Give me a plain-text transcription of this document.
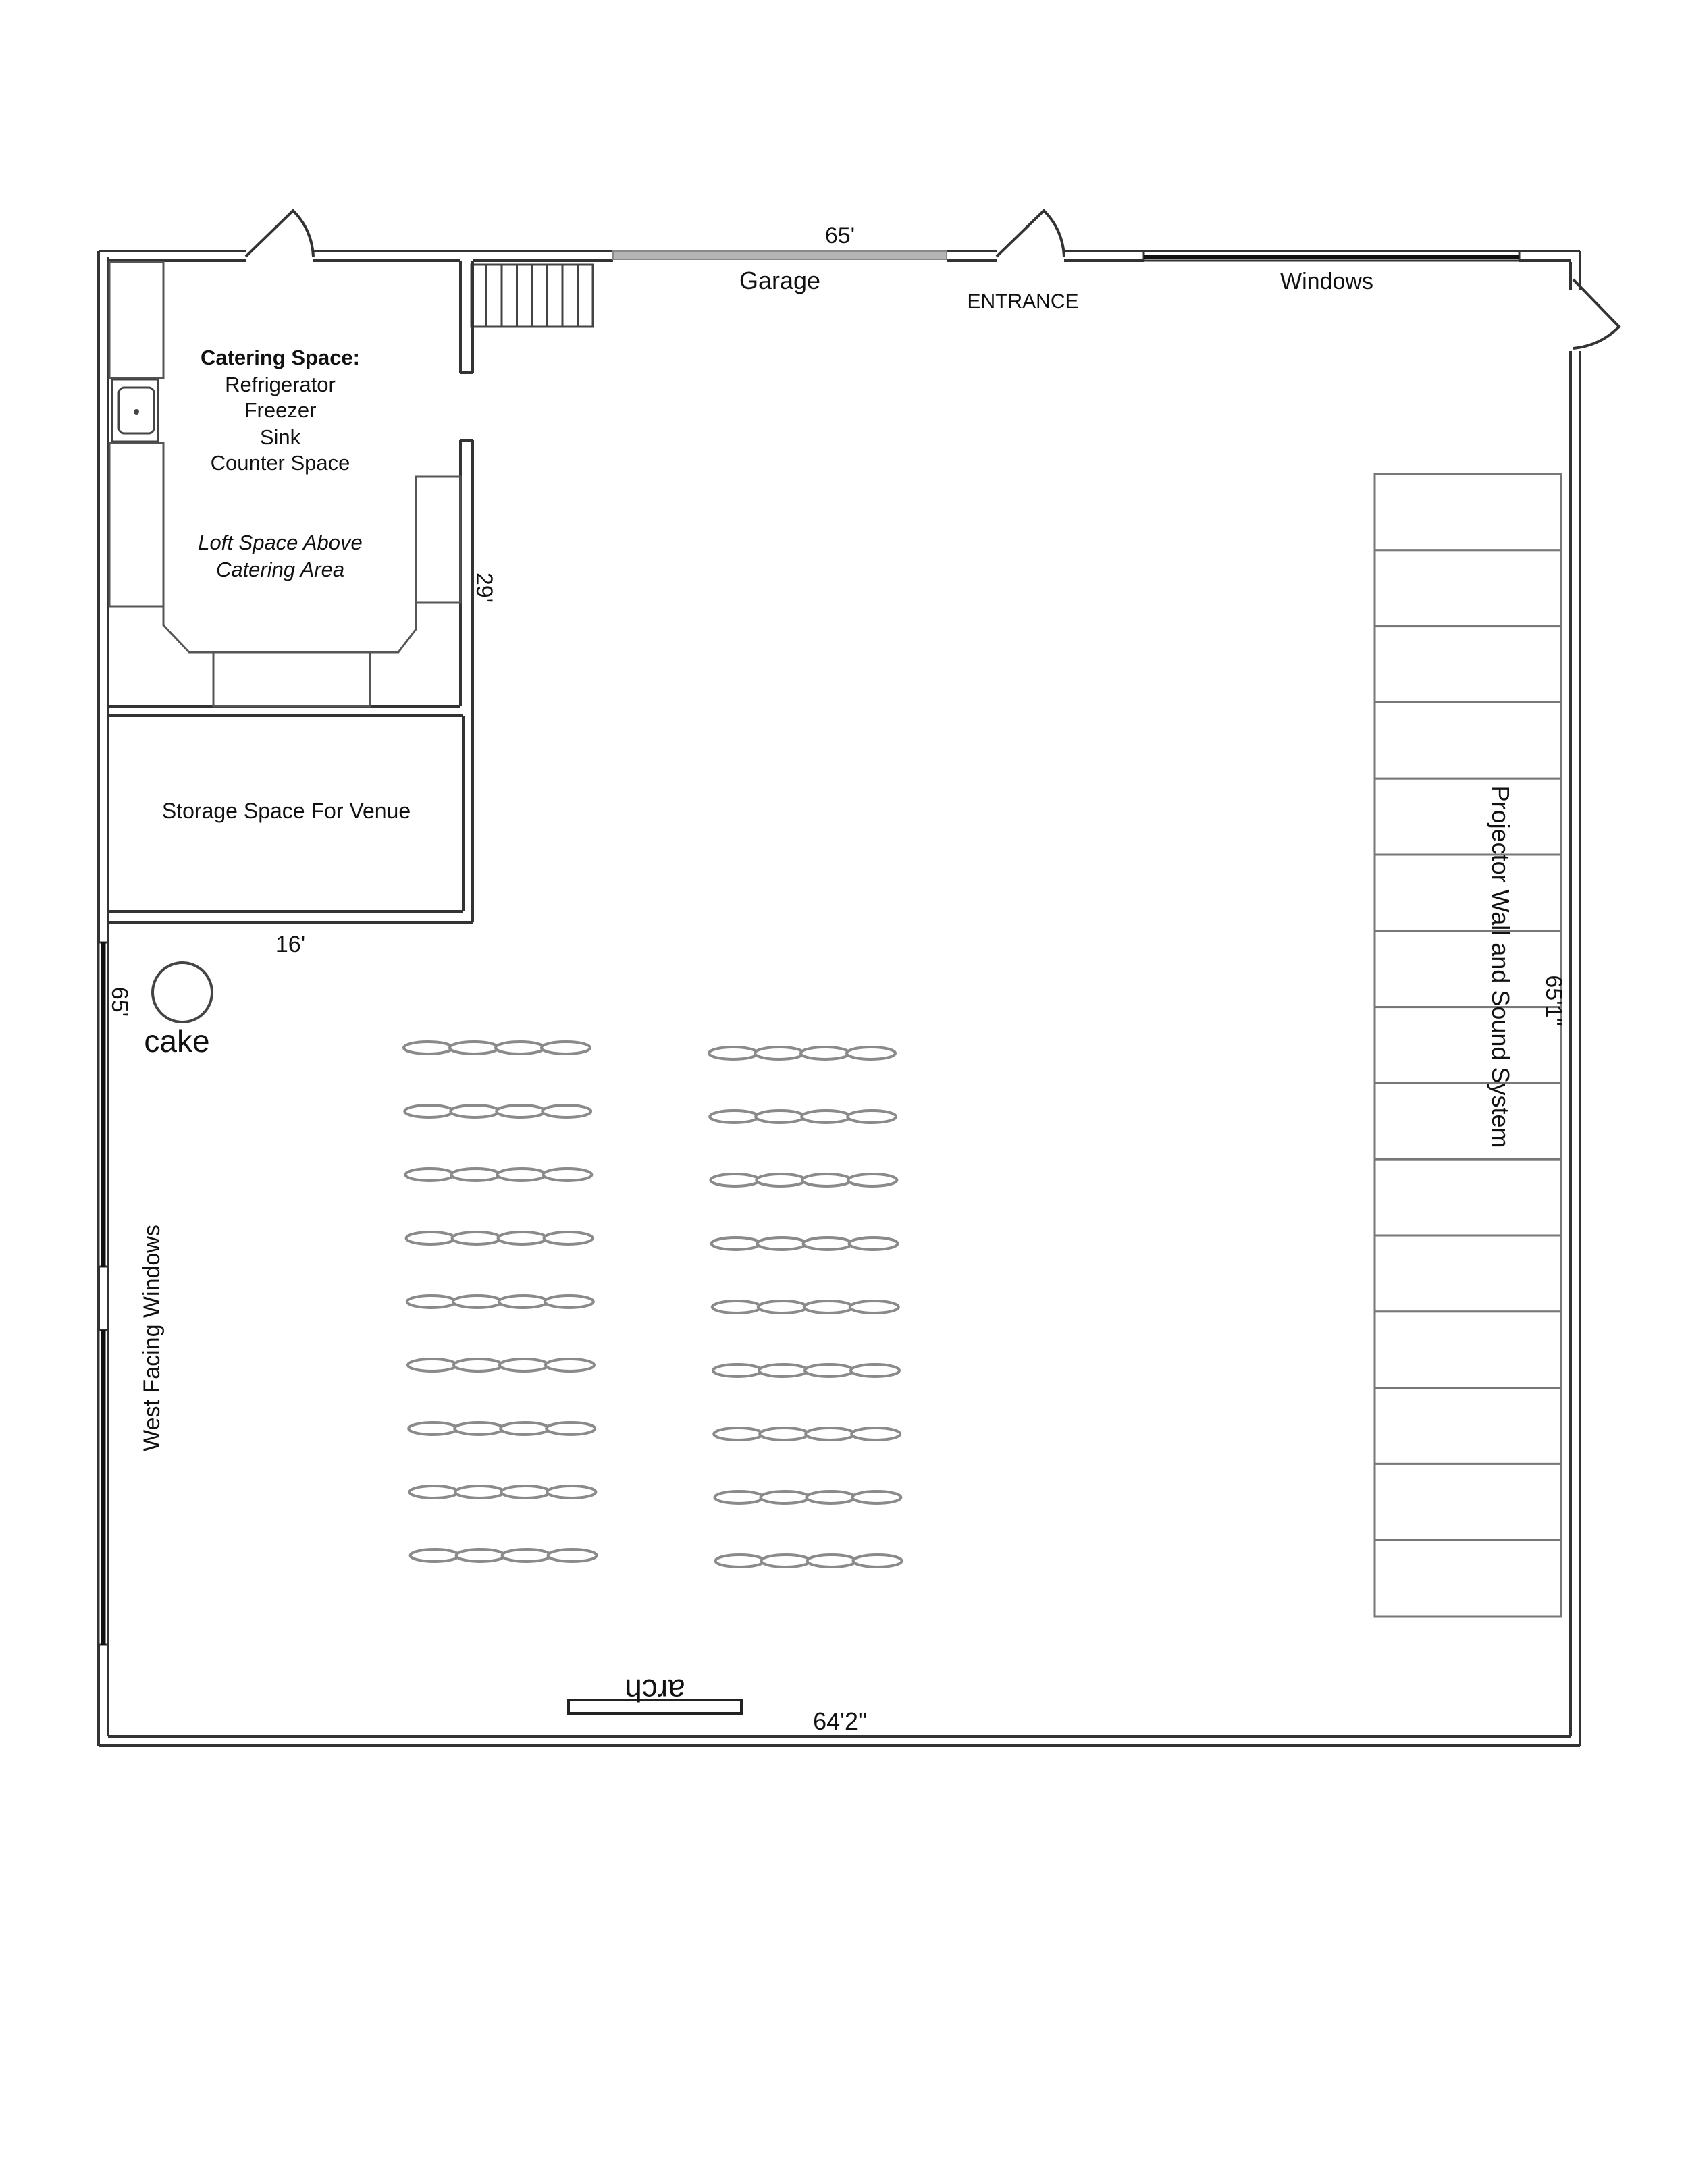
65'
Garage
ENTRANCE
Windows
Catering Space:
Refrigerator
Freezer
Sink
Counter Space
Loft Space Above
Catering Area
29'
Storage Space For Venue
16'
65'
cake
West Facing Windows
Projector Wall and Sound System 65'1"
arch
64'2"
